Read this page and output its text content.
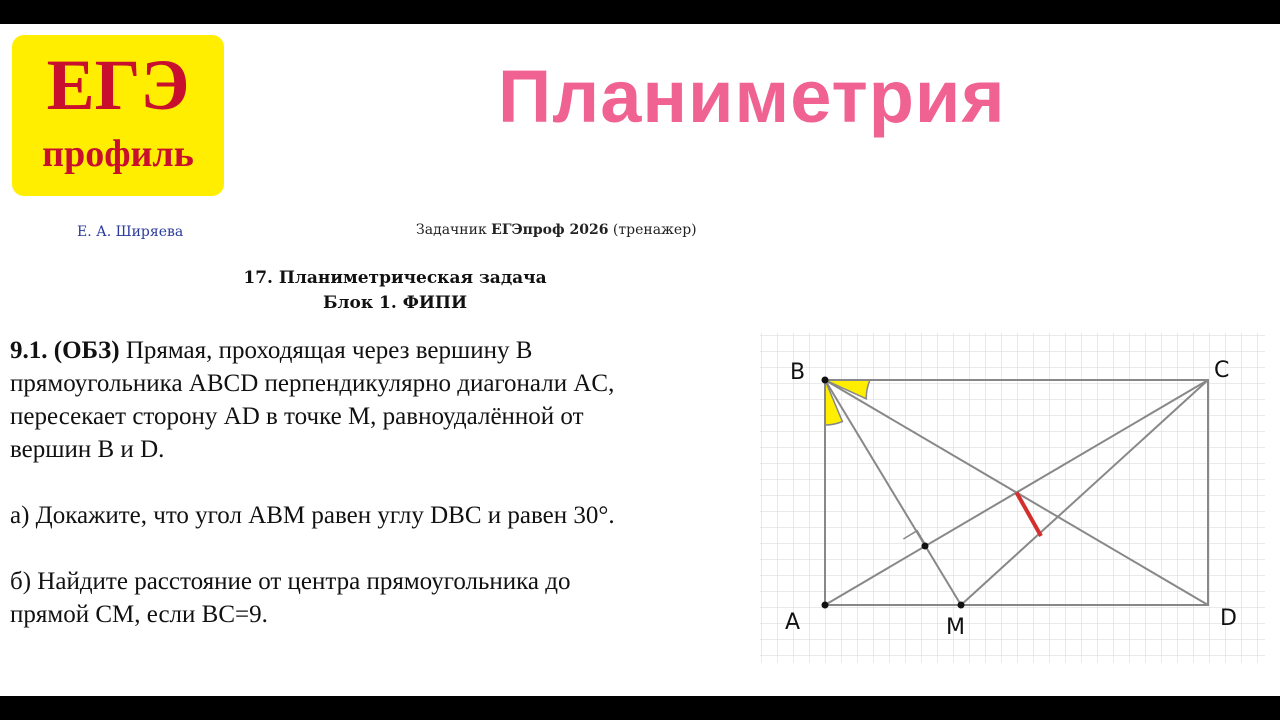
ЕГЭ
профиль
Планиметрия
Е. А. Ширяева	Задачник ЕГЭпроф 2026 (тренажер)
17. Планиметрическая задача
Блок 1. ФИПИ

9.1. (ОБЗ) Прямая, проходящая через вершину B

прямоугольника ABCD перпендикулярно диагонали AC,

пересекает сторону AD в точке M, равноудалённой от

вершин B и D.

а) Докажите, что угол ABM равен углу DBC и равен 30°.

б) Найдите расстояние от центра прямоугольника до

прямой CM, если BC=9.

B	C
A	M	D
